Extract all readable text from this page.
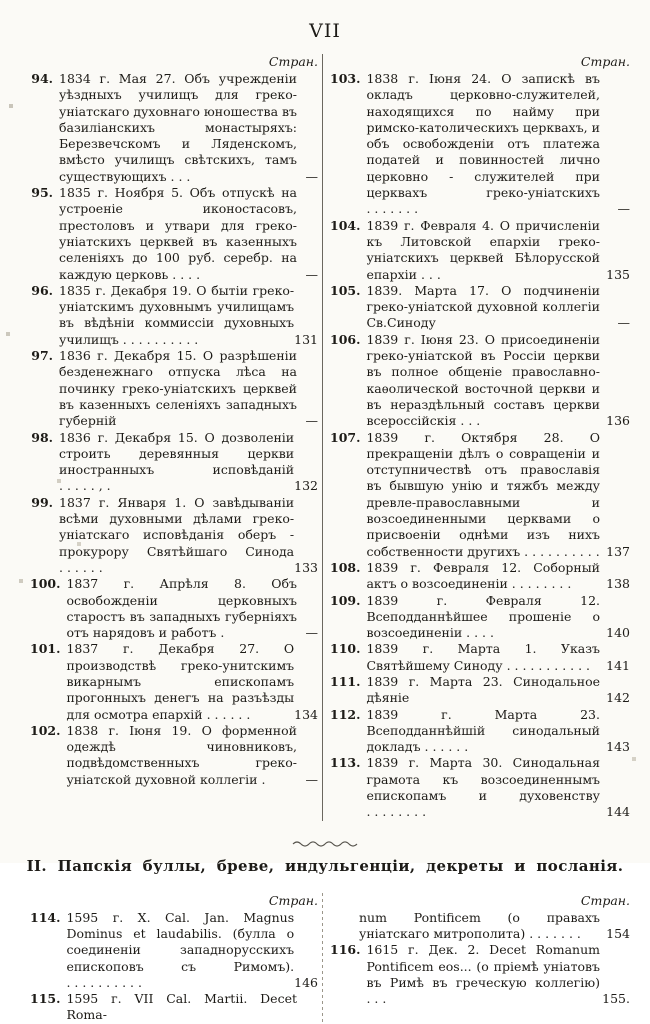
VII
Стран.
94. 1834 г. Мая 27. Объ учрежденіи уѣздныхъ училищъ для греко-уніатскаго духовнаго юношества въ базиліанскихъ монастыряхъ: Березвечскомъ и Ляденскомъ, вмѣсто училищъ свѣтскихъ, тамъ существующихъ . . .	—
95. 1835 г. Ноября 5. Объ отпускѣ на устроеніе иконостасовъ, престоловъ и утвари для греко-уніатскихъ церквей въ казенныхъ селеніяхъ до 100 руб. серебр. на каждую церковь . . . .	—
96. 1835 г. Декабря 19. О бытіи греко-уніатскимъ духовнымъ училищамъ въ вѣдѣніи коммиссіи духовныхъ училищъ . . . . . . . . . .	131
97. 1836 г. Декабря 15. О разрѣшеніи безденежнаго отпуска лѣса на починку греко-уніатскихъ церквей въ казенныхъ селеніяхъ западныхъ губерній	—
98. 1836 г. Декабря 15. О дозволеніи строить деревянныя церкви иностранныхъ исповѣданій . . . . . , .	132
99. 1837 г. Января 1. О завѣдываніи всѣми духовными дѣлами греко-уніатскаго исповѣданія оберъ - прокурору Святѣйшаго Синода . . . . . .	133
100. 1837 г. Апрѣля 8. Объ освобожденіи церковныхъ старостъ въ западныхъ губерніяхъ отъ нарядовъ и работъ .	—
101. 1837 г. Декабря 27. О производствѣ греко-унитскимъ викарнымъ епископамъ прогонныхъ денегъ на разъѣзды для осмотра епархій . . . . . .	134
102. 1838 г. Іюня 19. О форменной одеждѣ чиновниковъ, подвѣдомственныхъ греко-уніатской духовной коллегіи .	—
Стран.
103. 1838 г. Іюня 24. О запискѣ въ окладъ церковно-служителей, находящихся по найму при римско-католическихъ церквахъ, и объ освобожденіи отъ платежа податей и повинностей лично церковно - служителей при церквахъ греко-уніатскихъ . . . . . . .	—
104. 1839 г. Февраля 4. О причисленіи къ Литовской епархіи греко-уніатскихъ церквей Бѣлорусской епархіи . . .	135
105. 1839. Марта 17. О подчиненіи греко-уніатской духовной коллегіи Св.Синоду	—
106. 1839 г. Іюня 23. О присоединеніи греко-уніатской въ Россіи церкви въ полное общеніе православно-каѳолической восточной церкви и въ нераздѣльный составъ церкви всероссійскія . . .	136
107. 1839 г. Октября 28. О прекращеніи дѣлъ о совращеніи и отступничествѣ отъ православія въ бывшую унію и тяжбъ между древле-православными и возсоединенными церквами о присвоеніи однѣми изъ нихъ собственности другихъ . . . . . . . . . . 137
108. 1839 г. Февраля 12. Соборный актъ о возсоединеніи . . . . . . . .	138
109. 1839 г. Февраля 12. Всеподданнѣйшее прошеніе о возсоединеніи . . . .	140
110. 1839 г. Марта 1. Указъ Святѣйшему Синоду . . . . . . . . . . .	141
111. 1839 г. Марта 23. Синодальное дѣяніе	142
112. 1839 г. Марта 23. Всеподданнѣйшій синодальный докладъ . . . . . .	143
113. 1839 г. Марта 30. Синодальная грамота къ возсоединеннымъ епископамъ и духовенству . . . . . . . .	144
II. Папскія буллы, бреве, индульгенціи, декреты и посланія.
Стран.
114. 1595 г. X. Cal. Jan. Magnus Dominus et laudabilis. (булла о соединеніи западнорусскихъ епископовъ съ Римомъ). . . . . . . . . . .	146
115. 1595 г. VII Cal. Martii. Decet Roma-
Стран.
num Pontificem (о правахъ уніатскаго митрополита) . . . . . . .	154
116. 1615 г. Дек. 2. Decet Romanum Pontificem eos... (о пріемѣ уніатовъ въ Римѣ въ греческую коллегію) . . .	155.
